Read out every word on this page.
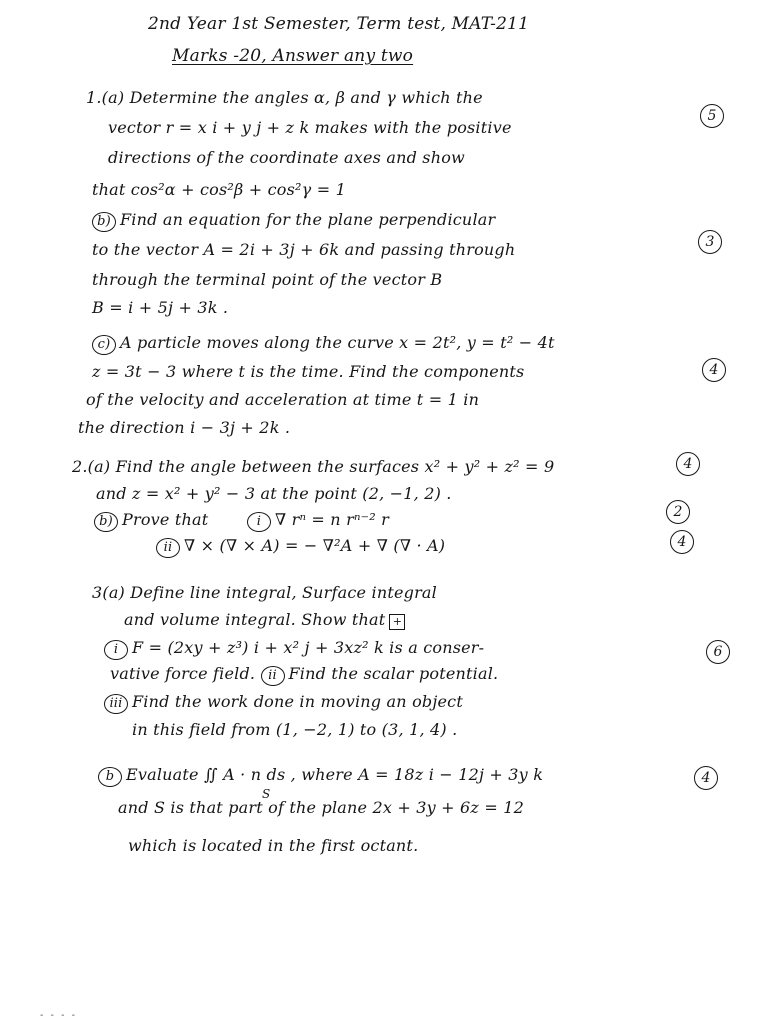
2nd Year 1st Semester, Term test, MAT-211
Marks -20, Answer any two
1.(a) Determine the angles α, β and γ which the
vector r = x i + y j + z k makes with the positive
directions of the coordinate axes and show
that cos²α + cos²β + cos²γ = 1
5
b) Find an equation for the plane perpendicular
to the vector A = 2i + 3j + 6k and passing through
through the terminal point of the vector B
B = i + 5j + 3k .
3
c) A particle moves along the curve x = 2t², y = t² − 4t
z = 3t − 3 where t is the time. Find the components
of the velocity and acceleration at time t = 1 in
the direction i − 3j + 2k .
4
2.(a) Find the angle between the surfaces x² + y² + z² = 9
and z = x² + y² − 3 at the point (2, −1, 2) .
4
b) Prove that	i ∇ rⁿ = n rⁿ⁻² r	2
ii ∇ × (∇ × A) = − ∇²A + ∇ (∇ · A)	4
3(a) Define line integral, Surface integral
and volume integral. Show that +
i F = (2xy + z³) i + x² j + 3xz² k is a conser-
vative force field. ii Find the scalar potential.
6
iii Find the work done in moving an object
in this field from (1, −2, 1) to (3, 1, 4) .
b Evaluate ∬ A · n ds , where A = 18z i − 12j + 3y k
S
4
and S is that part of the plane 2x + 3y + 6z = 12
which is located in the first octant.
- - - -
